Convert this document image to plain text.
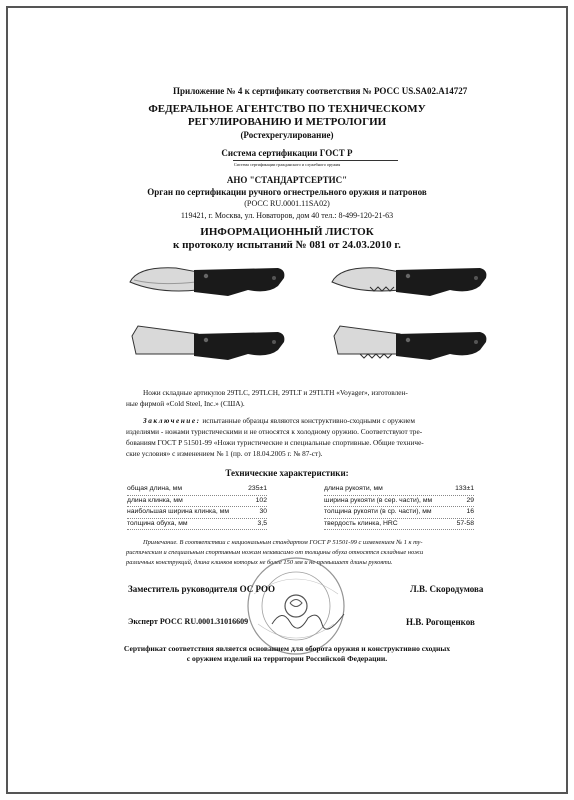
Приложение № 4 к сертификату соответствия № РОСС US.SA02.A14727
ФЕДЕРАЛЬНОЕ АГЕНТСТВО ПО ТЕХНИЧЕСКОМУ
РЕГУЛИРОВАНИЮ И МЕТРОЛОГИИ
(Ростехрегулирование)
Система сертификации ГОСТ Р
Система сертификации гражданского и служебного оружия
АНО "СТАНДАРТСЕРТИС"
Орган по сертификации ручного огнестрельного оружия и патронов
(РОСС RU.0001.11SA02)
119421, г. Москва, ул. Новаторов, дом 40 тел.: 8-499-120-21-63
ИНФОРМАЦИОННЫЙ ЛИСТОК
к протоколу испытаний № 081 от 24.03.2010 г.
Ножи складные артикулов 29TLC, 29TLCH, 29TLT и 29TLTH «Voyager», изготовлен-
ные фирмой «Cold Steel, Inc.» (США).
Заключение: испытанные образцы являются конструктивно-сходными с оружием
изделиями - ножами туристическими и не относятся к холодному оружию. Соответствуют тре-
бованиям ГОСТ Р 51501-99 «Ножи туристические и специальные спортивные. Общие техниче-
ские условия» с изменением № 1 (пр. от 18.04.2005 г. № 87-ст).
Технические характеристики:
общая длина, мм	235±1
длина клинка, мм	102
наибольшая ширина клинка, мм	30
толщина обуха, мм	3,5
длина рукояти, мм	133±1
ширина рукояти (в сер. части), мм	29
толщина рукояти (в ср. части), мм	16
твердость клинка, HRC	57-58
Примечание. В соответствии с национальным стандартом ГОСТ Р 51501-99 с изменением № 1 к ту-
ристическим и специальным спортивным ножам независимо от толщины обуха относятся складные ножи
различных конструкций, длина клинков которых не более 150 мм и не превышает длины рукояти.
Заместитель руководителя ОС РОО	Л.В. Скородумова
Эксперт РОСС RU.0001.31016609	Н.В. Рогощенков
Сертификат соответствия является основанием для оборота оружия и конструктивно сходных
с оружием изделий на территории Российской Федерации.
